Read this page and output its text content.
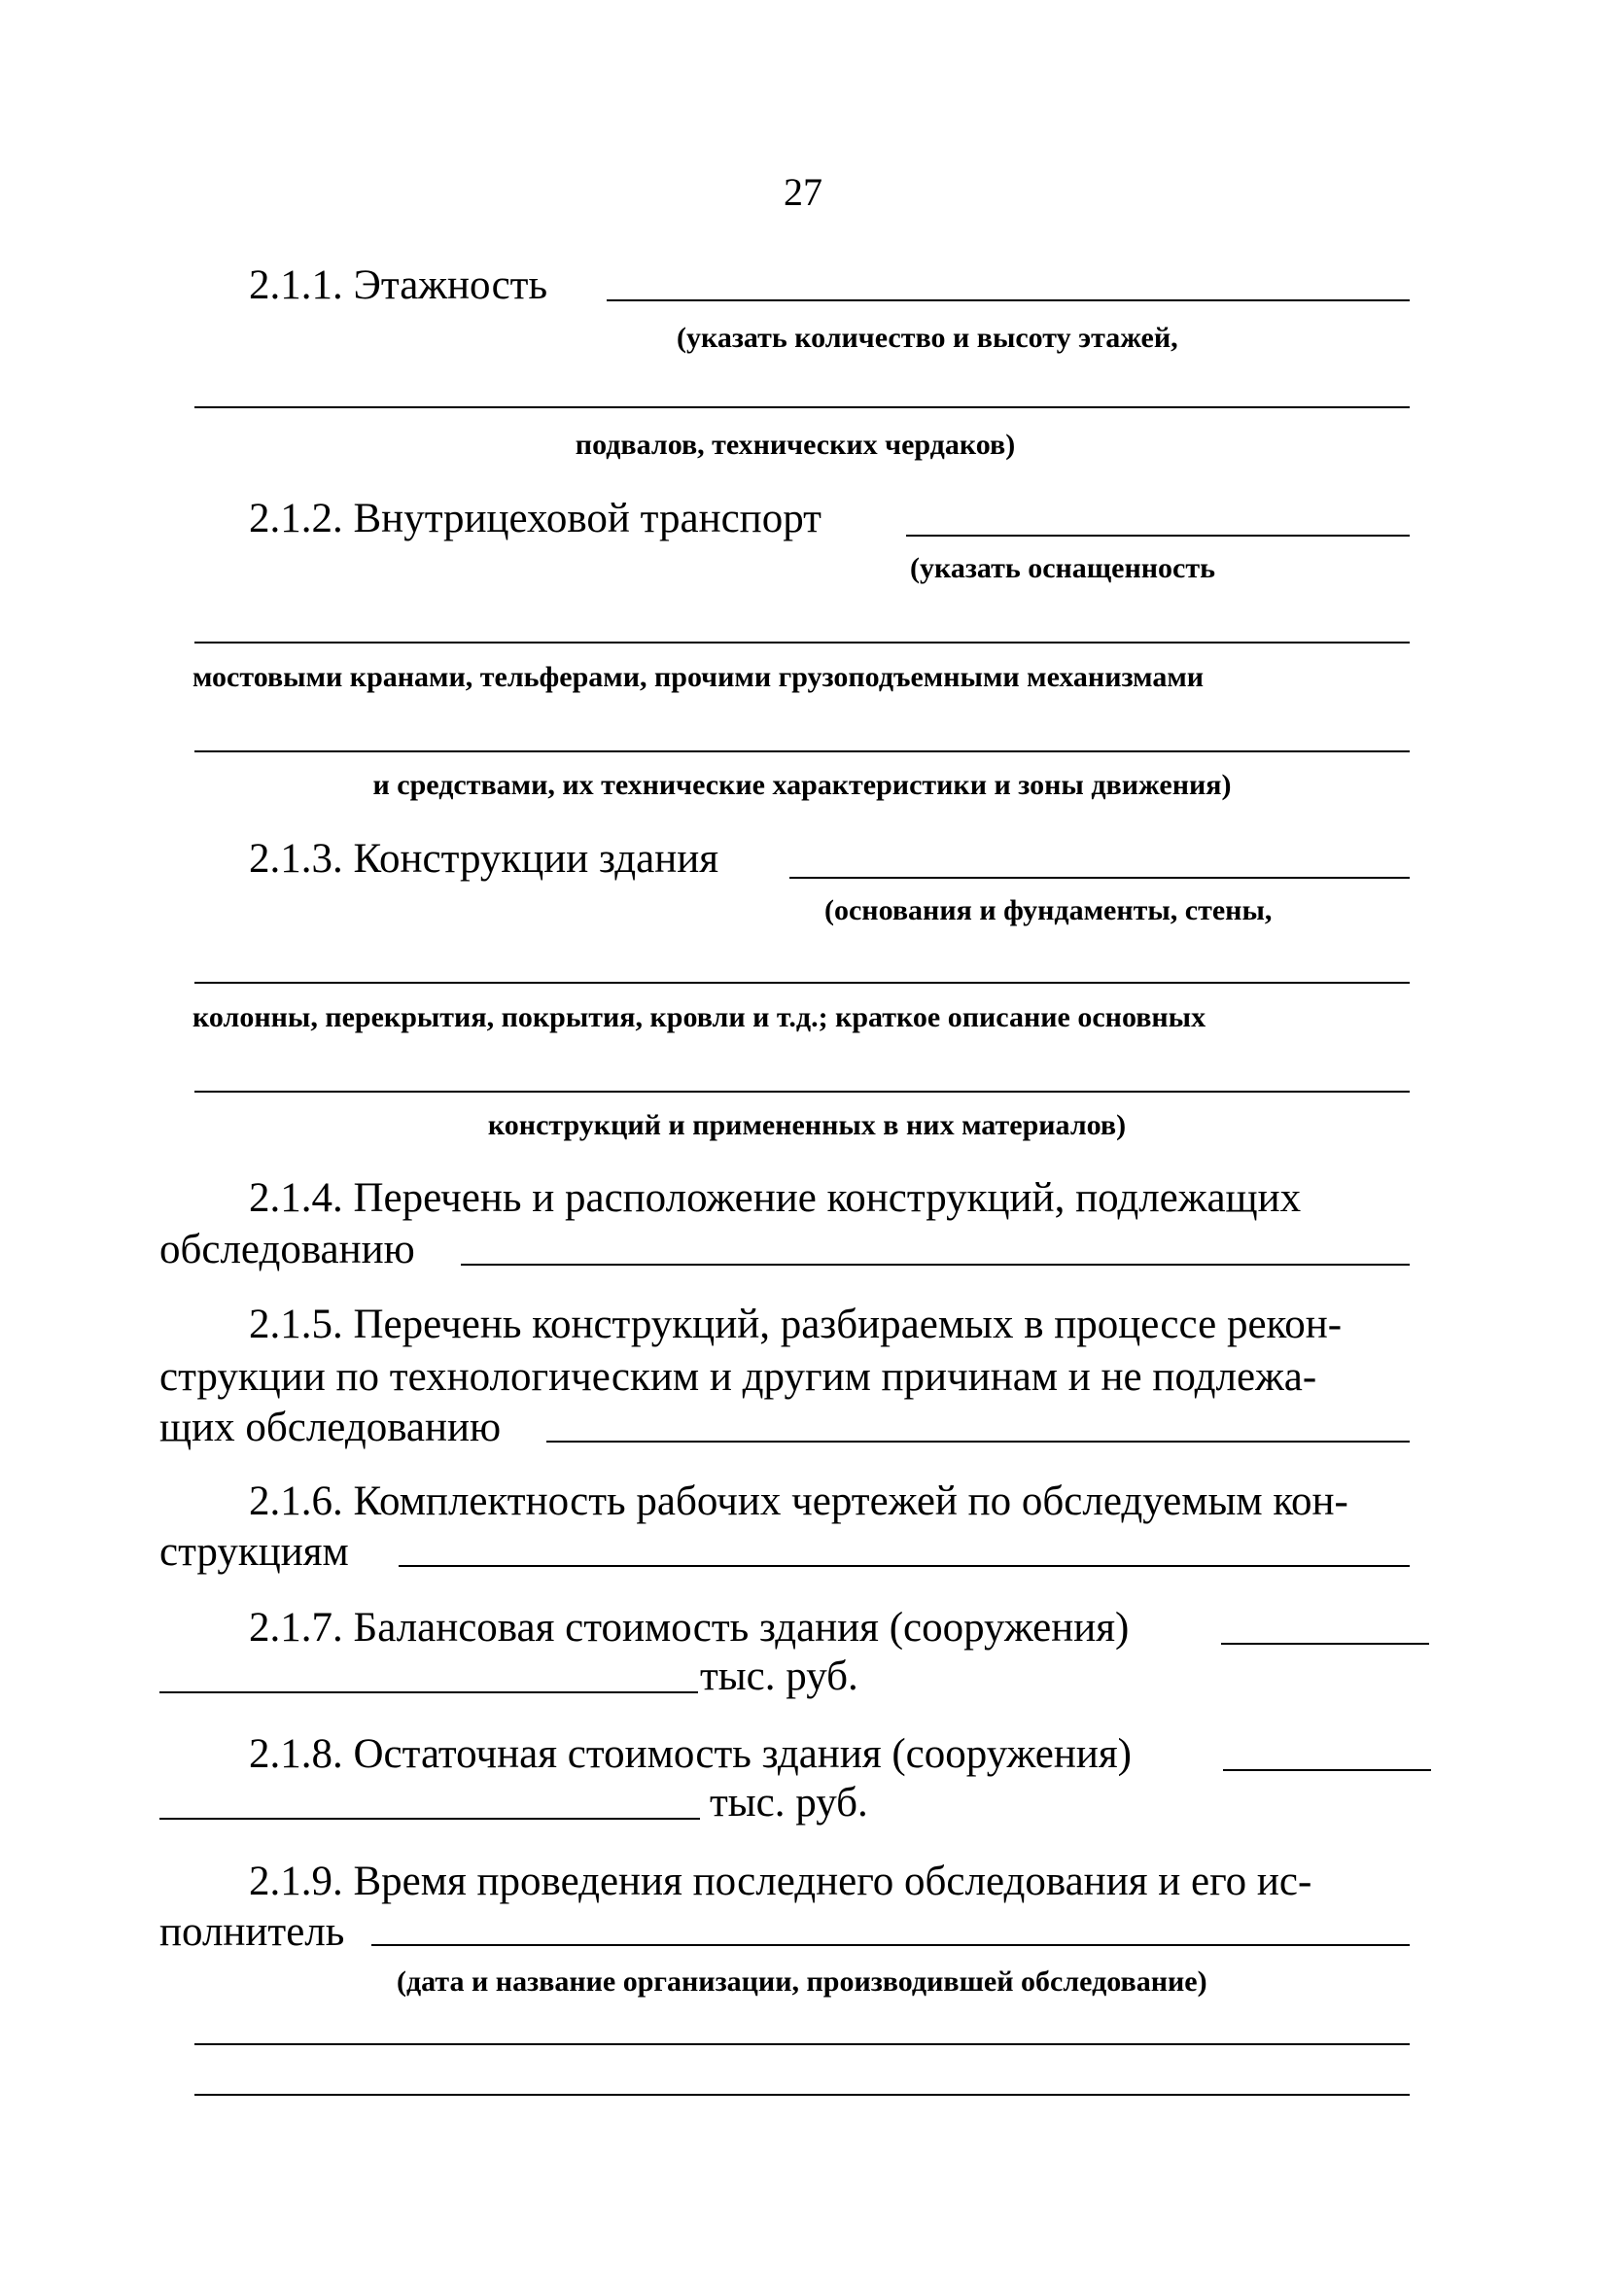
27
2.1.1. Этажность
(указать количество и высоту этажей,
подвалов, технических чердаков)
2.1.2. Внутрицеховой транспорт
(указать оснащенность
мостовыми кранами, тельферами, прочими грузоподъемными механизмами
и средствами, их технические характеристики и зоны движения)
2.1.3. Конструкции здания
(основания и фундаменты, стены,
колонны, перекрытия, покрытия, кровли и т.д.; краткое описание основных
конструкций и примененных в них материалов)
2.1.4. Перечень и расположение конструкций, подлежащих
обследованию
2.1.5. Перечень конструкций, разбираемых в процессе рекон-
струкции по технологическим и другим причинам и не подлежа-
щих обследованию
2.1.6. Комплектность рабочих чертежей по обследуемым кон-
струкциям
2.1.7. Балансовая стоимость здания (сооружения)
тыс. руб.
2.1.8. Остаточная стоимость здания (сооружения)
тыс. руб.
2.1.9. Время проведения последнего обследования и его ис-
полнитель
(дата и название организации, производившей обследование)
